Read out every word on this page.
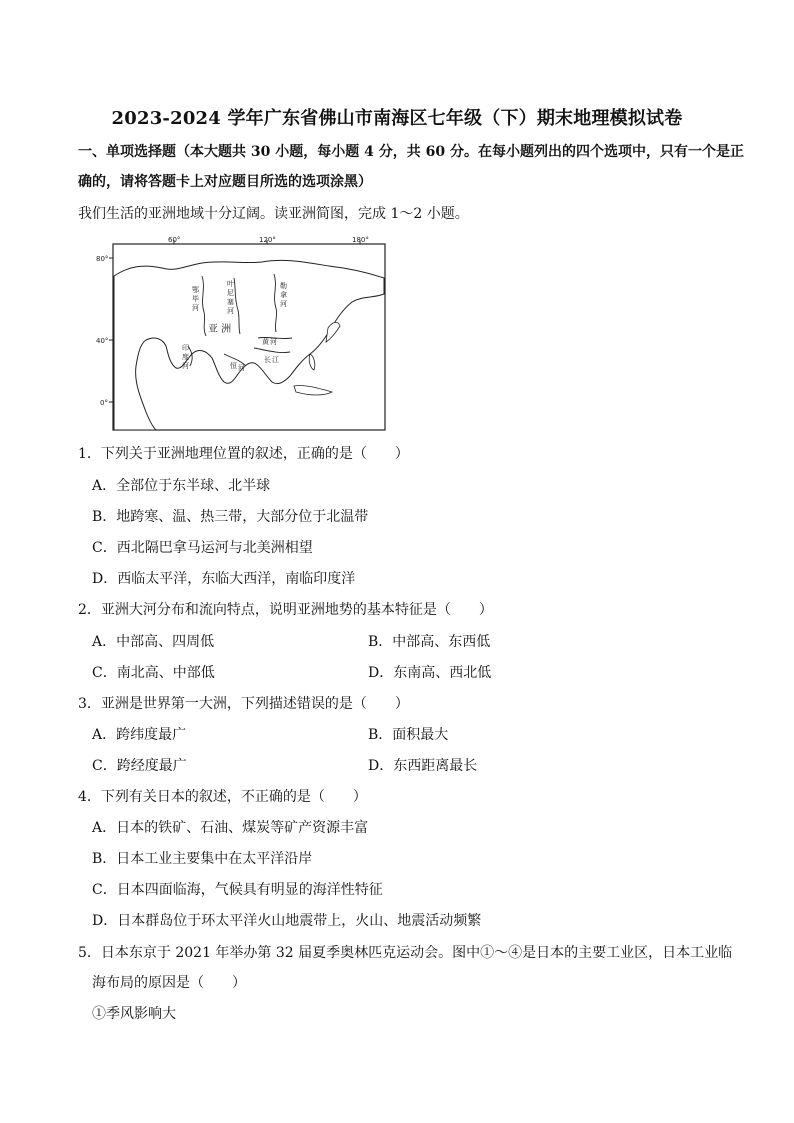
2023-2024 学年广东省佛山市南海区七年级（下）期末地理模拟试卷
一、单项选择题（本大题共 30 小题，每小题 4 分，共 60 分。在每小题列出的四个选项中，只有一个是正
确的，请将答题卡上对应题目所选的选项涂黑）
我们生活的亚洲地域十分辽阔。读亚洲简图，完成 1～2 小题。
60°	120°	180°
80°
40°
0°
亚 洲
叶
尼
塞
河
勒
拿
河
鄂
毕
河
印
度
河	恒 河
长 江
黄 河
1．下列关于亚洲地理位置的叙述，正确的是（　　）
A．全部位于东半球、北半球
B．地跨寒、温、热三带，大部分位于北温带
C．西北隔巴拿马运河与北美洲相望
D．西临太平洋，东临大西洋，南临印度洋
2．亚洲大河分布和流向特点，说明亚洲地势的基本特征是（　　）
A．中部高、四周低	B．中部高、东西低
C．南北高、中部低	D．东南高、西北低
3．亚洲是世界第一大洲，下列描述错误的是（　　）
A．跨纬度最广	B．面积最大
C．跨经度最广	D．东西距离最长
4．下列有关日本的叙述，不正确的是（　　）
A．日本的铁矿、石油、煤炭等矿产资源丰富
B．日本工业主要集中在太平洋沿岸
C．日本四面临海，气候具有明显的海洋性特征
D．日本群岛位于环太平洋火山地震带上，火山、地震活动频繁
5．日本东京于 2021 年举办第 32 届夏季奥林匹克运动会。图中①～④是日本的主要工业区，日本工业临
海布局的原因是（　　）
①季风影响大
